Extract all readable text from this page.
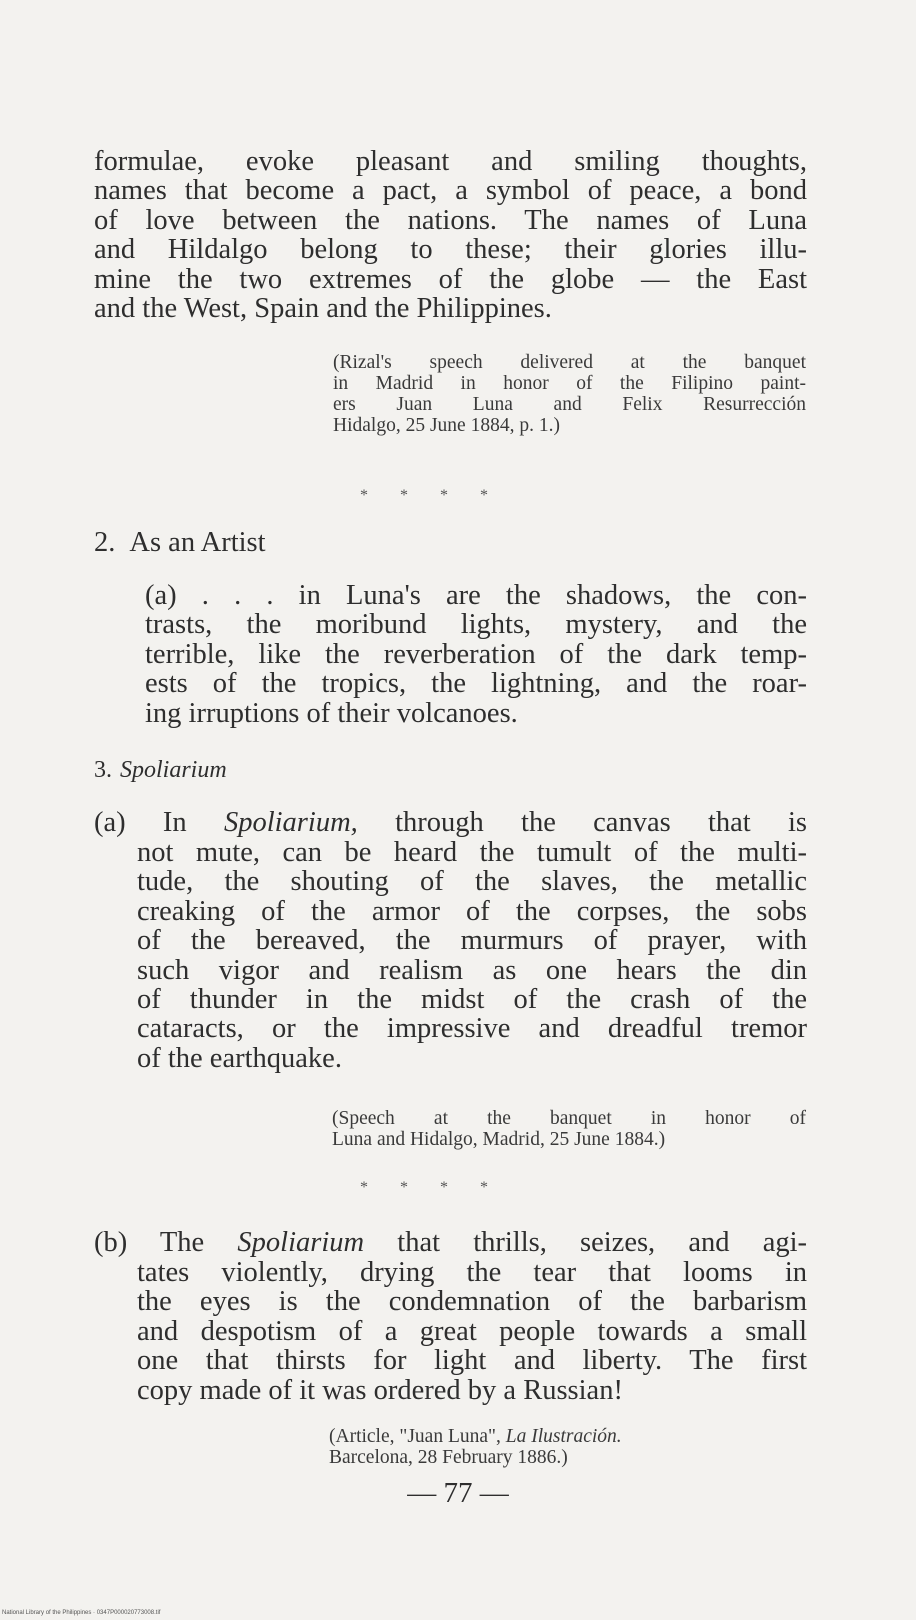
formulae, evoke pleasant and smiling thoughts,
names that become a pact, a symbol of peace, a bond
of love between the nations. The names of Luna
and Hildalgo belong to these; their glories illu-
mine the two extremes of the globe — the East
and the West, Spain and the Philippines.
(Rizal's speech delivered at the banquet
in Madrid in honor of the Filipino paint-
ers Juan Luna and Felix Resurrección
Hidalgo, 25 June 1884, p. 1.)
* * * *
2. As an Artist
(a) . . . in Luna's are the shadows, the con-
trasts, the moribund lights, mystery, and the
terrible, like the reverberation of the dark temp-
ests of the tropics, the lightning, and the roar-
ing irruptions of their volcanoes.
3. Spoliarium
(a) In Spoliarium, through the canvas that is
not mute, can be heard the tumult of the multi-
tude, the shouting of the slaves, the metallic
creaking of the armor of the corpses, the sobs
of the bereaved, the murmurs of prayer, with
such vigor and realism as one hears the din
of thunder in the midst of the crash of the
cataracts, or the impressive and dreadful tremor
of the earthquake.
(Speech at the banquet in honor of
Luna and Hidalgo, Madrid, 25 June 1884.)
* * * *
(b) The Spoliarium that thrills, seizes, and agi-
tates violently, drying the tear that looms in
the eyes is the condemnation of the barbarism
and despotism of a great people towards a small
one that thirsts for light and liberty. The first
copy made of it was ordered by a Russian!
(Article, "Juan Luna", La Ilustración.
Barcelona, 28 February 1886.)
— 77 —
National Library of the Philippines · 0347P000020773008.tif
